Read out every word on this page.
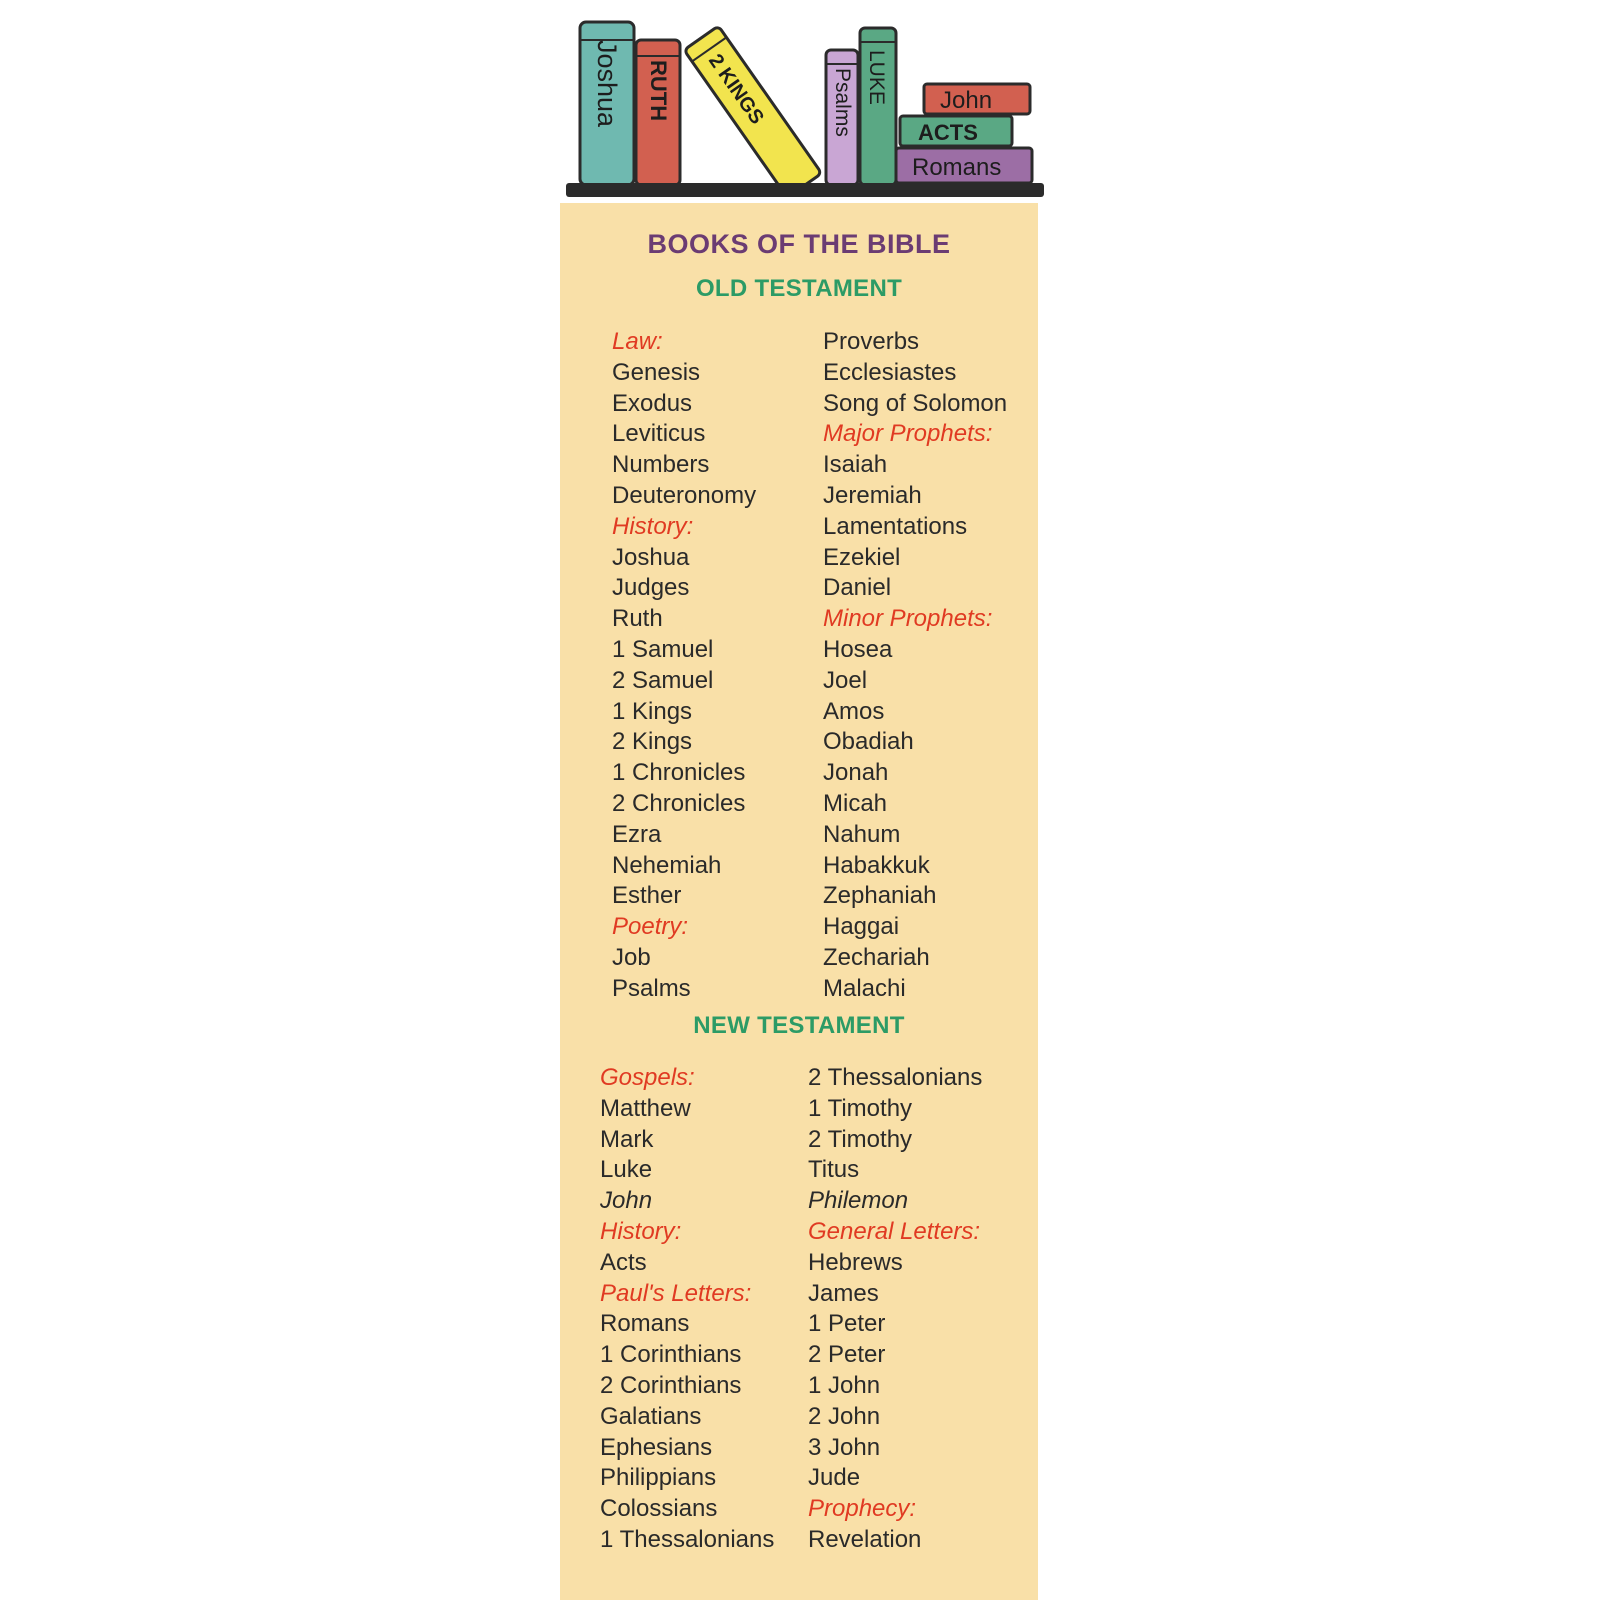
Joshua RUTH 2 KINGS	Psalms LUKE John
ACTS
Romans
BOOKS OF THE BIBLE
OLD TESTAMENT
Law:
Genesis
Exodus
Leviticus
Numbers
Deuteronomy
History:
Joshua
Judges
Ruth
1 Samuel
2 Samuel
1 Kings
2 Kings
1 Chronicles
2 Chronicles
Ezra
Nehemiah
Esther
Poetry:
Job
Psalms
Proverbs
Ecclesiastes
Song of Solomon
Major Prophets:
Isaiah
Jeremiah
Lamentations
Ezekiel
Daniel
Minor Prophets:
Hosea
Joel
Amos
Obadiah
Jonah
Micah
Nahum
Habakkuk
Zephaniah
Haggai
Zechariah
Malachi
NEW TESTAMENT
Gospels:
Matthew
Mark
Luke
John
History:
Acts
Paul's Letters:
Romans
1 Corinthians
2 Corinthians
Galatians
Ephesians
Philippians
Colossians
1 Thessalonians
2 Thessalonians
1 Timothy
2 Timothy
Titus
Philemon
General Letters:
Hebrews
James
1 Peter
2 Peter
1 John
2 John
3 John
Jude
Prophecy:
Revelation
